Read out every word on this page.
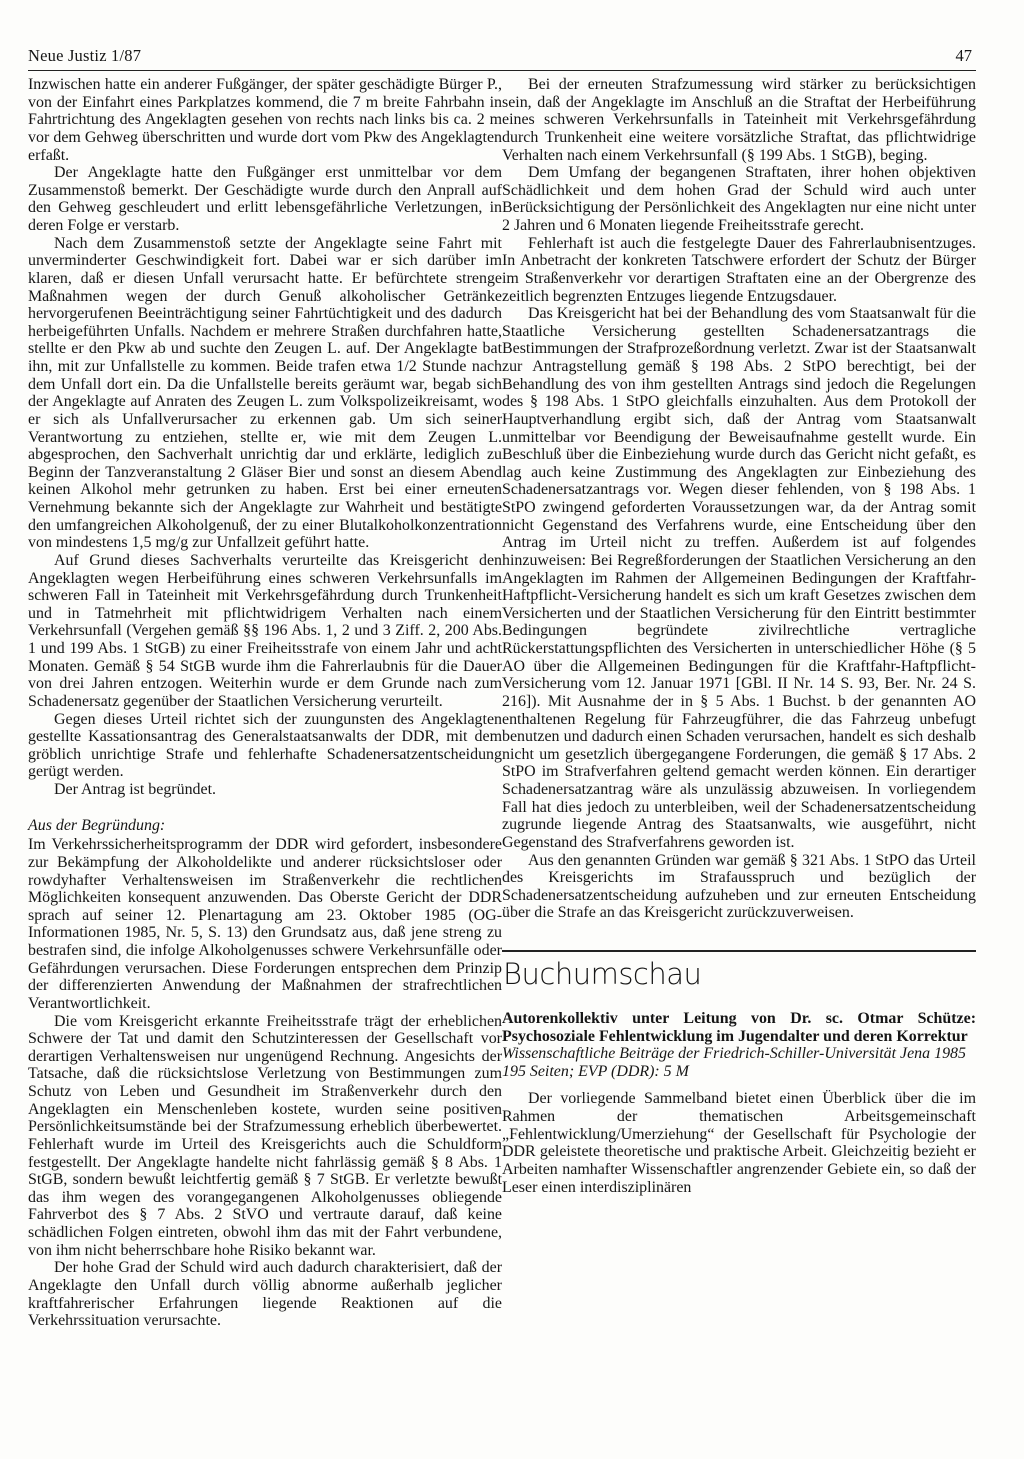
Neue Justiz 1/87	47

Inzwischen hatte ein anderer Fußgänger, der später geschädigte Bürger P., von der Einfahrt eines Parkplatzes kommend, die 7 m breite Fahrbahn in Fahrtrichtung des Angeklagten gesehen von rechts nach links bis ca. 2 m vor dem Gehweg überschritten und wurde dort vom Pkw des Angeklagten erfaßt.

Der Angeklagte hatte den Fußgänger erst unmittelbar vor dem Zusammenstoß bemerkt. Der Geschädigte wurde durch den Anprall auf den Gehweg geschleudert und erlitt lebensgefährliche Verletzungen, in deren Folge er verstarb.

Nach dem Zusammenstoß setzte der Angeklagte seine Fahrt mit unverminderter Geschwindigkeit fort. Dabei war er sich darüber im klaren, daß er diesen Unfall verursacht hatte. Er befürchtete strenge Maßnahmen wegen der durch Genuß alkoholischer Getränke hervorgerufenen Beeinträchtigung seiner Fahrtüchtigkeit und des dadurch herbeigeführten Unfalls. Nachdem er mehrere Straßen durchfahren hatte, stellte er den Pkw ab und suchte den Zeugen L. auf. Der Angeklagte bat ihn, mit zur Unfallstelle zu kommen. Beide trafen etwa 1/2 Stunde nach dem Unfall dort ein. Da die Unfallstelle bereits geräumt war, begab sich der Angeklagte auf Anraten des Zeugen L. zum Volkspolizeikreisamt, wo er sich als Unfallverursacher zu erkennen gab. Um sich seiner Verantwortung zu entziehen, stellte er, wie mit dem Zeugen L. abgesprochen, den Sachverhalt unrichtig dar und erklärte, lediglich zu Beginn der Tanzveranstaltung 2 Gläser Bier und sonst an diesem Abend keinen Alkohol mehr getrunken zu haben. Erst bei einer erneuten Vernehmung bekannte sich der Angeklagte zur Wahrheit und bestätigte den umfangreichen Alkoholgenuß, der zu einer Blutalkoholkonzentration von mindestens 1,5 mg/g zur Unfallzeit geführt hatte.

Auf Grund dieses Sachverhalts verurteilte das Kreisgericht den Angeklagten wegen Herbeiführung eines schweren Verkehrsunfalls im schweren Fall in Tateinheit mit Verkehrsgefährdung durch Trunkenheit und in Tatmehrheit mit pflichtwidrigem Verhalten nach einem Verkehrsunfall (Vergehen gemäß §§ 196 Abs. 1, 2 und 3 Ziff. 2, 200 Abs. 1 und 199 Abs. 1 StGB) zu einer Freiheitsstrafe von einem Jahr und acht Monaten. Gemäß § 54 StGB wurde ihm die Fahrerlaubnis für die Dauer von drei Jahren entzogen. Weiterhin wurde er dem Grunde nach zum Schadenersatz gegenüber der Staatlichen Versicherung verurteilt.

Gegen dieses Urteil richtet sich der zuungunsten des Angeklagten gestellte Kassationsantrag des Generalstaatsanwalts der DDR, mit dem gröblich unrichtige Strafe und fehlerhafte Schadenersatzentscheidung gerügt werden.

Der Antrag ist begründet.

Aus der Begründung:

Im Verkehrssicherheitsprogramm der DDR wird gefordert, insbesondere zur Bekämpfung der Alkoholdelikte und anderer rücksichtsloser oder rowdyhafter Verhaltensweisen im Straßenverkehr die rechtlichen Möglichkeiten konsequent anzuwenden. Das Oberste Gericht der DDR sprach auf seiner 12. Plenartagung am 23. Oktober 1985 (OG-Informationen 1985, Nr. 5, S. 13) den Grundsatz aus, daß jene streng zu bestrafen sind, die infolge Alkoholgenusses schwere Verkehrsunfälle oder Gefährdungen verursachen. Diese Forderungen entsprechen dem Prinzip der differenzierten Anwendung der Maßnahmen der strafrechtlichen Verantwortlichkeit.

Die vom Kreisgericht erkannte Freiheitsstrafe trägt der erheblichen Schwere der Tat und damit den Schutzinteressen der Gesellschaft vor derartigen Verhaltensweisen nur ungenügend Rechnung. Angesichts der Tatsache, daß die rücksichtslose Verletzung von Bestimmungen zum Schutz von Leben und Gesundheit im Straßenverkehr durch den Angeklagten ein Menschenleben kostete, wurden seine positiven Persönlichkeitsumstände bei der Strafzumessung erheblich überbewertet. Fehlerhaft wurde im Urteil des Kreisgerichts auch die Schuldform festgestellt. Der Angeklagte handelte nicht fahrlässig gemäß § 8 Abs. 1 StGB, sondern bewußt leichtfertig gemäß § 7 StGB. Er verletzte bewußt das ihm wegen des vorangegangenen Alkoholgenusses obliegende Fahrverbot des § 7 Abs. 2 StVO und vertraute darauf, daß keine schädlichen Folgen eintreten, obwohl ihm das mit der Fahrt verbundene, von ihm nicht beherrschbare hohe Risiko bekannt war.

Der hohe Grad der Schuld wird auch dadurch charakterisiert, daß der Angeklagte den Unfall durch völlig abnorme außerhalb jeglicher kraftfahrerischer Erfahrungen liegende Reaktionen auf die Verkehrssituation verursachte.

Bei der erneuten Strafzumessung wird stärker zu berücksichtigen sein, daß der Angeklagte im Anschluß an die Straftat der Herbeiführung eines schweren Verkehrsunfalls in Tateinheit mit Verkehrsgefährdung durch Trunkenheit eine weitere vorsätzliche Straftat, das pflichtwidrige Verhalten nach einem Verkehrsunfall (§ 199 Abs. 1 StGB), beging.

Dem Umfang der begangenen Straftaten, ihrer hohen objektiven Schädlichkeit und dem hohen Grad der Schuld wird auch unter Berücksichtigung der Persönlichkeit des Angeklagten nur eine nicht unter 2 Jahren und 6 Monaten liegende Freiheitsstrafe gerecht.

Fehlerhaft ist auch die festgelegte Dauer des Fahrerlaubnisentzuges. In Anbetracht der konkreten Tatschwere erfordert der Schutz der Bürger im Straßenverkehr vor derartigen Straftaten eine an der Obergrenze des zeitlich begrenzten Entzuges liegende Entzugsdauer.

Das Kreisgericht hat bei der Behandlung des vom Staatsanwalt für die Staatliche Versicherung gestellten Schadenersatzantrags die Bestimmungen der Strafprozeßordnung verletzt. Zwar ist der Staatsanwalt zur Antragstellung gemäß § 198 Abs. 2 StPO berechtigt, bei der Behandlung des von ihm gestellten Antrags sind jedoch die Regelungen des § 198 Abs. 1 StPO gleichfalls einzuhalten. Aus dem Protokoll der Hauptverhandlung ergibt sich, daß der Antrag vom Staatsanwalt unmittelbar vor Beendigung der Beweisaufnahme gestellt wurde. Ein Beschluß über die Einbeziehung wurde durch das Gericht nicht gefaßt, es lag auch keine Zustimmung des Angeklagten zur Einbeziehung des Schadenersatzantrags vor. Wegen dieser fehlenden, von § 198 Abs. 1 StPO zwingend geforderten Voraussetzungen war, da der Antrag somit nicht Gegenstand des Verfahrens wurde, eine Entscheidung über den Antrag im Urteil nicht zu treffen. Außerdem ist auf folgendes hinzuweisen: Bei Regreßforderungen der Staatlichen Versicherung an den Angeklagten im Rahmen der Allgemeinen Bedingungen der Kraftfahr-Haftpflicht-Versicherung handelt es sich um kraft Gesetzes zwischen dem Versicherten und der Staatlichen Versicherung für den Eintritt bestimmter Bedingungen begründete zivilrechtliche vertragliche Rückerstattungspflichten des Versicherten in unterschiedlicher Höhe (§ 5 AO über die Allgemeinen Bedingungen für die Kraftfahr-Haftpflicht-Versicherung vom 12. Januar 1971 [GBl. II Nr. 14 S. 93, Ber. Nr. 24 S. 216]). Mit Ausnahme der in § 5 Abs. 1 Buchst. b der genannten AO enthaltenen Regelung für Fahrzeugführer, die das Fahrzeug unbefugt benutzen und dadurch einen Schaden verursachen, handelt es sich deshalb nicht um gesetzlich übergegangene Forderungen, die gemäß § 17 Abs. 2 StPO im Strafverfahren geltend gemacht werden können. Ein derartiger Schadenersatzantrag wäre als unzulässig abzuweisen. In vorliegendem Fall hat dies jedoch zu unterbleiben, weil der Schadenersatzentscheidung zugrunde liegende Antrag des Staatsanwalts, wie ausgeführt, nicht Gegenstand des Strafverfahrens geworden ist.

Aus den genannten Gründen war gemäß § 321 Abs. 1 StPO das Urteil des Kreisgerichts im Strafausspruch und bezüglich der Schadenersatzentscheidung aufzuheben und zur erneuten Entscheidung über die Strafe an das Kreisgericht zurückzuverweisen.

Buchumschau

Autorenkollektiv unter Leitung von Dr. sc. Otmar Schütze: Psychosoziale Fehlentwicklung im Jugendalter und deren Korrektur

Wissenschaftliche Beiträge der Friedrich-Schiller-Universität Jena 1985

195 Seiten; EVP (DDR): 5 M

Der vorliegende Sammelband bietet einen Überblick über die im Rahmen der thematischen Arbeitsgemeinschaft „Fehlentwicklung/Umerziehung“ der Gesellschaft für Psychologie der DDR geleistete theoretische und praktische Arbeit. Gleichzeitig bezieht er Arbeiten namhafter Wissenschaftler angrenzender Gebiete ein, so daß der Leser einen interdisziplinären
